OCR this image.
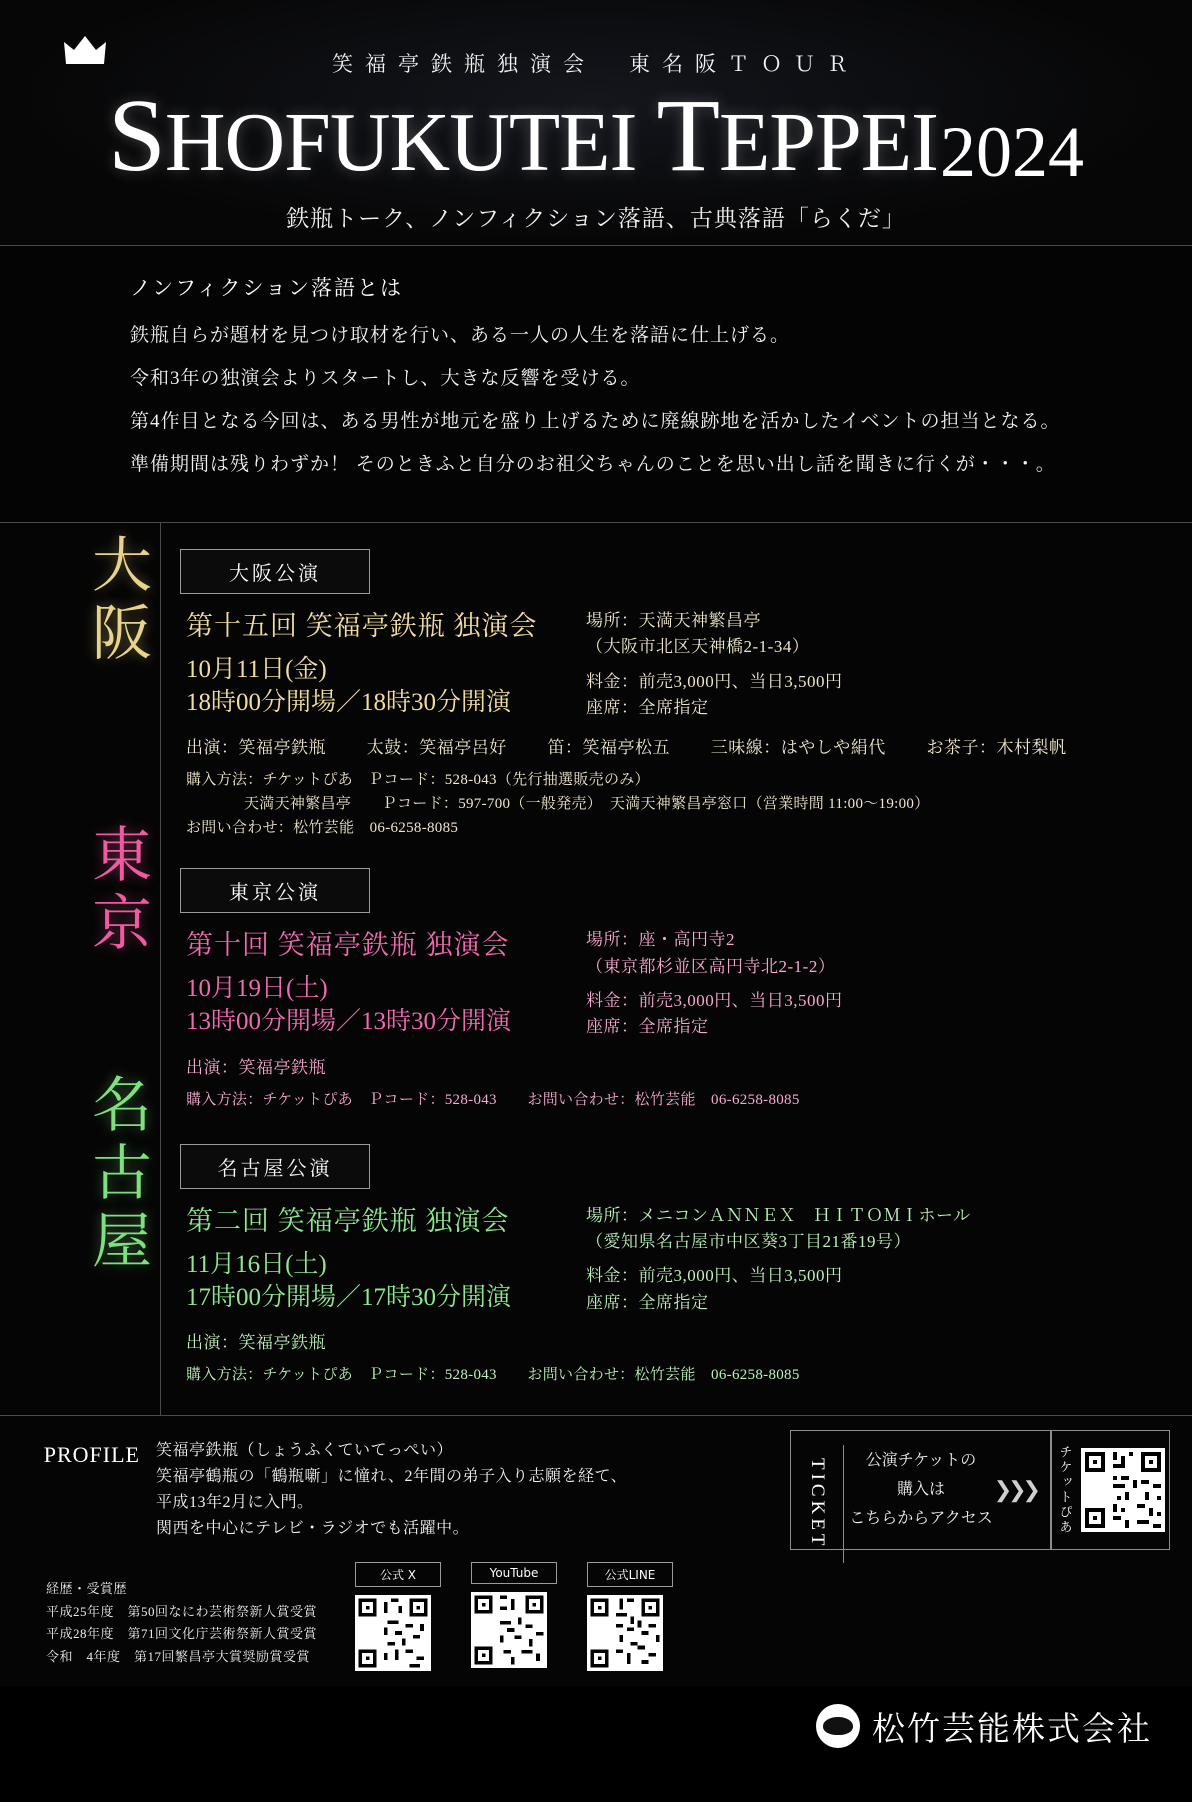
笑福亭鉄瓶独演会　東名阪ＴＯＵＲ
SHOFUKUTEI TEPPEI 2024
鉄瓶トーク、ノンフィクション落語、古典落語「らくだ」
ノンフィクション落語とは

鉄瓶自らが題材を見つけ取材を行い、ある一人の人生を落語に仕上げる。

令和3年の独演会よりスタートし、大きな反響を受ける。

第4作目となる今回は、ある男性が地元を盛り上げるために廃線跡地を活かしたイベントの担当となる。

準備期間は残りわずか！ そのときふと自分のお祖父ちゃんのことを思い出し話を聞きに行くが・・・。

大阪
東京
名古屋
大阪公演
第十五回 笑福亭鉄瓶 独演会
10月11日(金)
18時00分開場／18時30分開演
場所：天満天神繁昌亭
（大阪市北区天神橋2-1-34）
料金：前売3,000円、当日3,500円
座席：全席指定
出演：笑福亭鉄瓶 太鼓：笑福亭呂好 笛：笑福亭松五 三味線：はやしや絹代 お茶子：木村梨帆
購入方法：チケットぴあ　Ｐコード：528-043（先行抽選販売のみ）
天満天神繁昌亭　　Ｐコード：597-700（一般発売）　天満天神繁昌亭窓口（営業時間 11:00〜19:00）
お問い合わせ：松竹芸能　06-6258-8085
東京公演
第十回 笑福亭鉄瓶 独演会
10月19日(土)
13時00分開場／13時30分開演
場所：座・高円寺2
（東京都杉並区高円寺北2-1-2）
料金：前売3,000円、当日3,500円
座席：全席指定
出演：笑福亭鉄瓶
購入方法：チケットぴあ　Ｐコード：528-043　　お問い合わせ：松竹芸能　06-6258-8085
名古屋公演
第二回 笑福亭鉄瓶 独演会
11月16日(土)
17時00分開場／17時30分開演
場所：メニコンＡＮＮＥＸ　ＨＩＴＯＭＩホール
（愛知県名古屋市中区葵3丁目21番19号）
料金：前売3,000円、当日3,500円
座席：全席指定
出演：笑福亭鉄瓶
購入方法：チケットぴあ　Ｐコード：528-043　　お問い合わせ：松竹芸能　06-6258-8085
PROFILE	笑福亭鉄瓶（しょうふくていてっぺい）
笑福亭鶴瓶の「鶴瓶噺」に憧れ、2年間の弟子入り志願を経て、
平成13年2月に入門。
関西を中心にテレビ・ラジオでも活躍中。	TICKET	公演チケットの
購入は
こちらからアクセス
❯❯❯ チケットぴあ
経歴・受賞歴
平成25年度　第50回なにわ芸術祭新人賞受賞
平成28年度　第71回文化庁芸術祭新人賞受賞
令和　4年度　第17回繁昌亭大賞奨励賞受賞
公式 X	YouTube	公式LINE
松竹芸能株式会社
